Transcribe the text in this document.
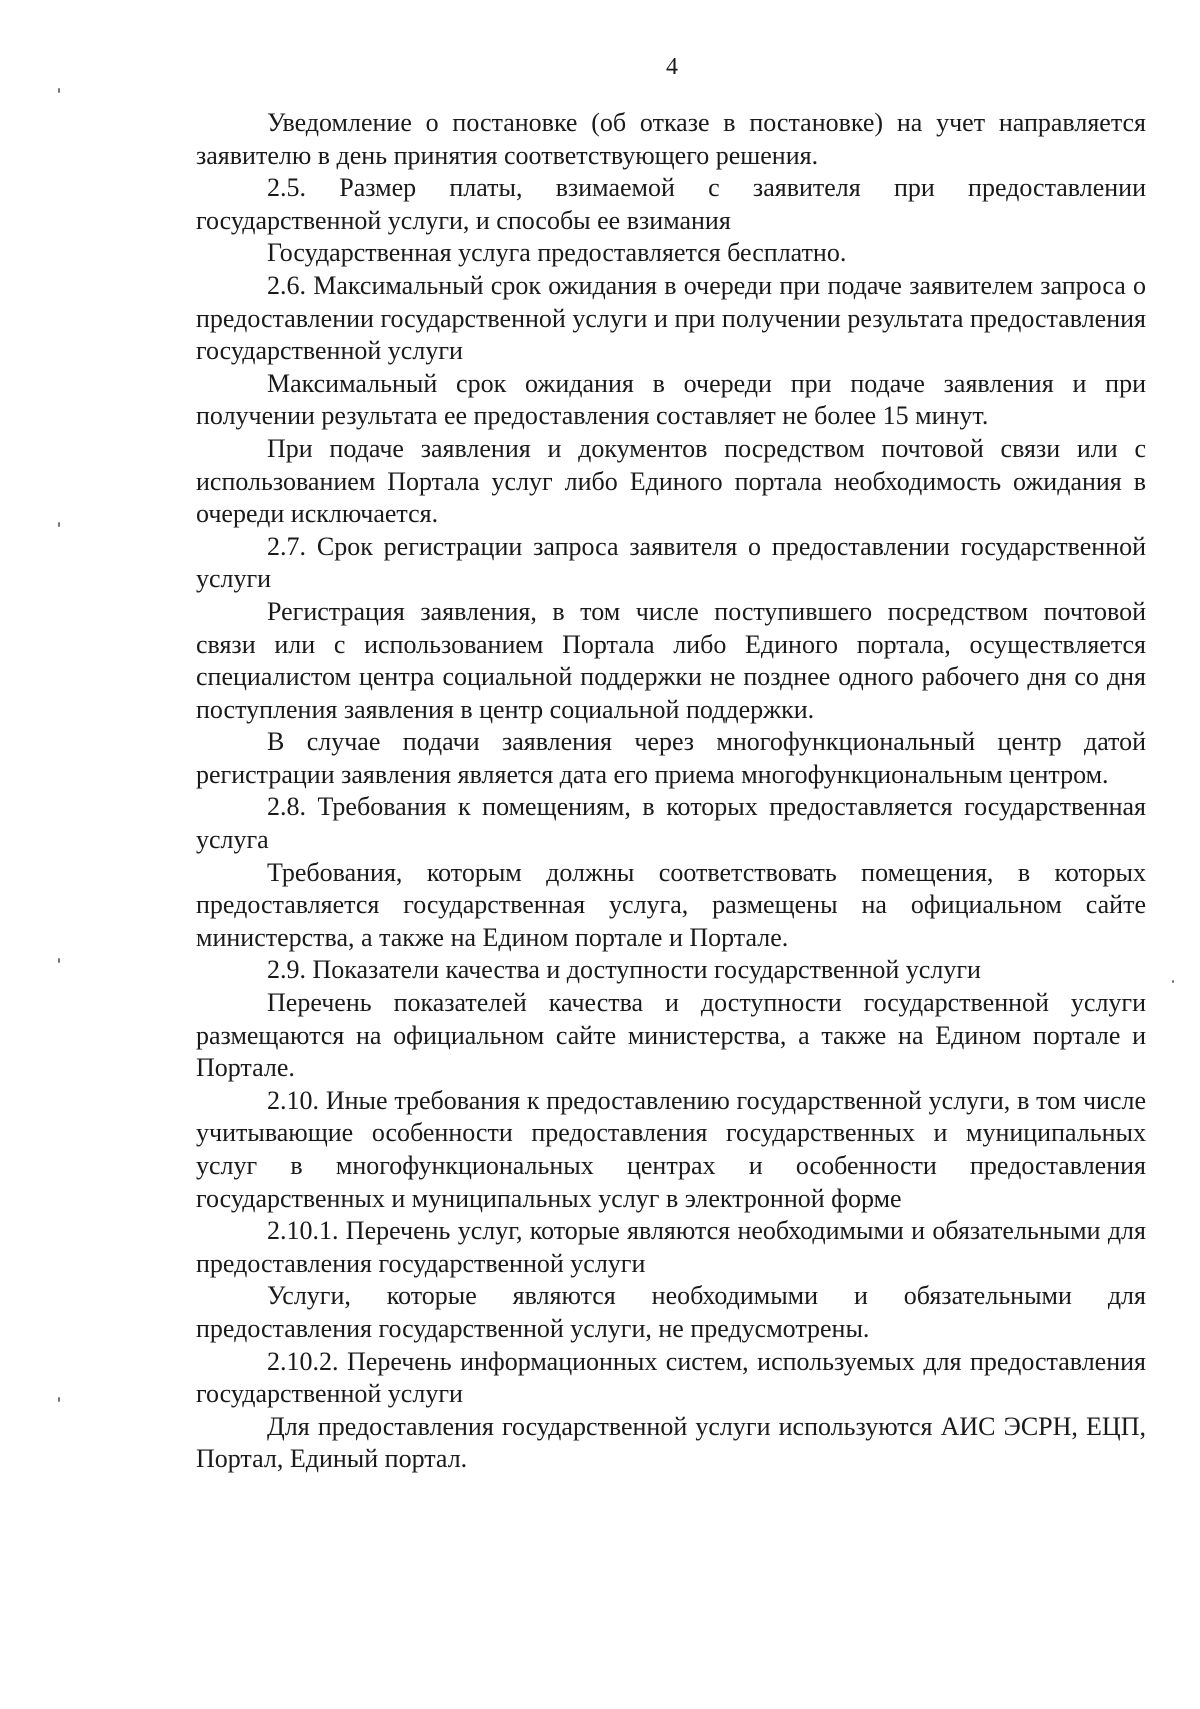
4

Уведомление о постановке (об отказе в постановке) на учет направляется заявителю в день принятия соответствующего решения.

2.5. Размер платы, взимаемой с заявителя при предоставлении государственной услуги, и способы ее взимания

Государственная услуга предоставляется бесплатно.

2.6. Максимальный срок ожидания в очереди при подаче заявителем запроса о предоставлении государственной услуги и при получении результата предоставления государственной услуги

Максимальный срок ожидания в очереди при подаче заявления и при получении результата ее предоставления составляет не более 15 минут.

При подаче заявления и документов посредством почтовой связи или с использованием Портала услуг либо Единого портала необходимость ожидания в очереди исключается.

2.7. Срок регистрации запроса заявителя о предоставлении государственной услуги

Регистрация заявления, в том числе поступившего посредством почтовой связи или с использованием Портала либо Единого портала, осуществляется специалистом центра социальной поддержки не позднее одного рабочего дня со дня поступления заявления в центр социальной поддержки.

В случае подачи заявления через многофункциональный центр датой регистрации заявления является дата его приема многофункциональным центром.

2.8. Требования к помещениям, в которых предоставляется государственная услуга

Требования, которым должны соответствовать помещения, в которых предоставляется государственная услуга, размещены на официальном сайте министерства, а также на Едином портале и Портале.

2.9. Показатели качества и доступности государственной услуги

Перечень показателей качества и доступности государственной услуги размещаются на официальном сайте министерства, а также на Едином портале и Портале.

2.10. Иные требования к предоставлению государственной услуги, в том числе учитывающие особенности предоставления государственных и муниципальных услуг в многофункциональных центрах и особенности предоставления государственных и муниципальных услуг в электронной форме

2.10.1. Перечень услуг, которые являются необходимыми и обязательными для предоставления государственной услуги

Услуги, которые являются необходимыми и обязательными для предоставления государственной услуги, не предусмотрены.

2.10.2. Перечень информационных систем, используемых для предоставления государственной услуги

Для предоставления государственной услуги используются АИС ЭСРН, ЕЦП, Портал, Единый портал.
